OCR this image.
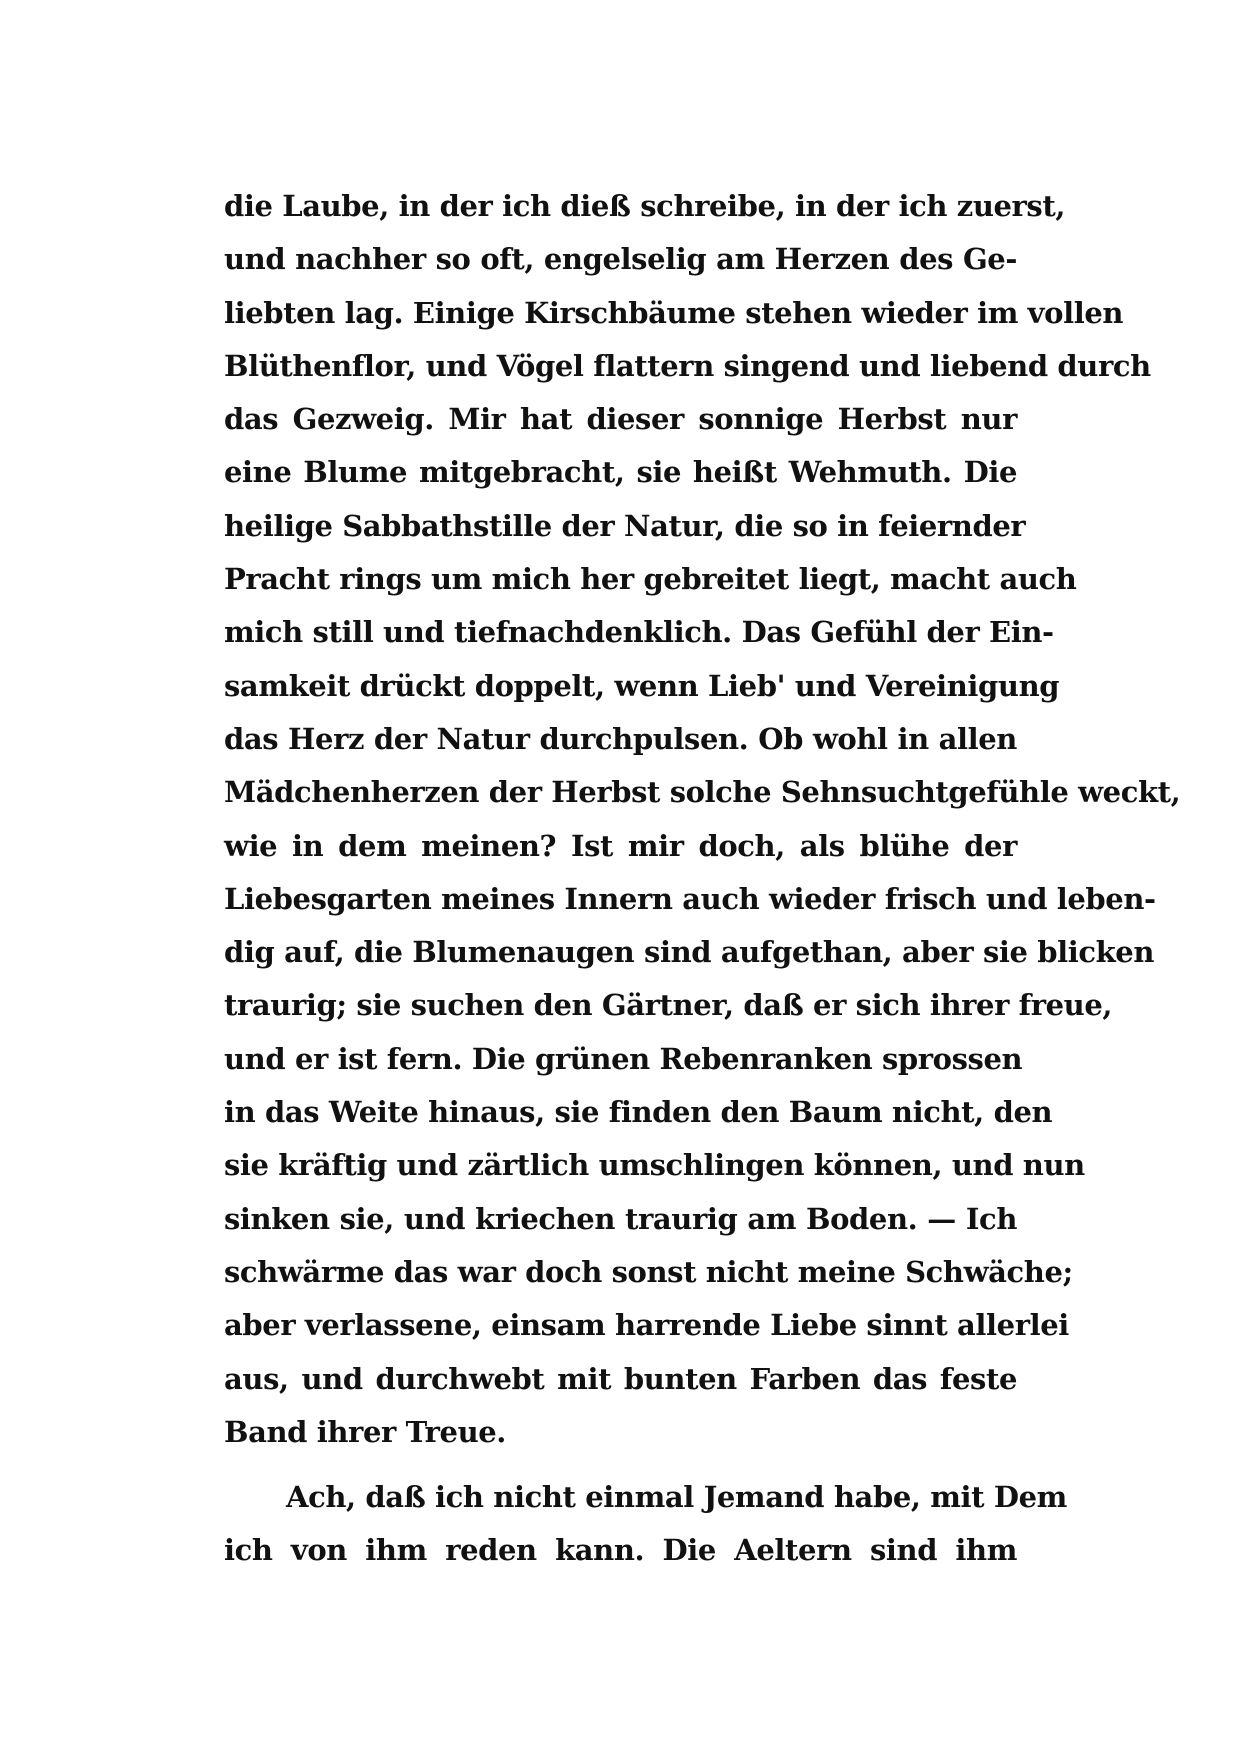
die Laube, in der ich dieß schreibe, in der ich zuerst,
und nachher so oft, engelselig am Herzen des Ge-
liebten lag. Einige Kirschbäume stehen wieder im vollen
Blüthenflor, und Vögel flattern singend und liebend durch
das Gezweig. Mir hat dieser sonnige Herbst nur
eine Blume mitgebracht, sie heißt Wehmuth. Die
heilige Sabbathstille der Natur, die so in feiernder
Pracht rings um mich her gebreitet liegt, macht auch
mich still und tiefnachdenklich. Das Gefühl der Ein-
samkeit drückt doppelt, wenn Lieb' und Vereinigung
das Herz der Natur durchpulsen. Ob wohl in allen
Mädchenherzen der Herbst solche Sehnsuchtgefühle weckt,
wie in dem meinen? Ist mir doch, als blühe der
Liebesgarten meines Innern auch wieder frisch und leben-
dig auf, die Blumenaugen sind aufgethan, aber sie blicken
traurig; sie suchen den Gärtner, daß er sich ihrer freue,
und er ist fern. Die grünen Rebenranken sprossen
in das Weite hinaus, sie finden den Baum nicht, den
sie kräftig und zärtlich umschlingen können, und nun
sinken sie, und kriechen traurig am Boden. — Ich
schwärme das war doch sonst nicht meine Schwäche;
aber verlassene, einsam harrende Liebe sinnt allerlei
aus, und durchwebt mit bunten Farben das feste
Band ihrer Treue.
Ach, daß ich nicht einmal Jemand habe, mit Dem
ich von ihm reden kann. Die Aeltern sind ihm
